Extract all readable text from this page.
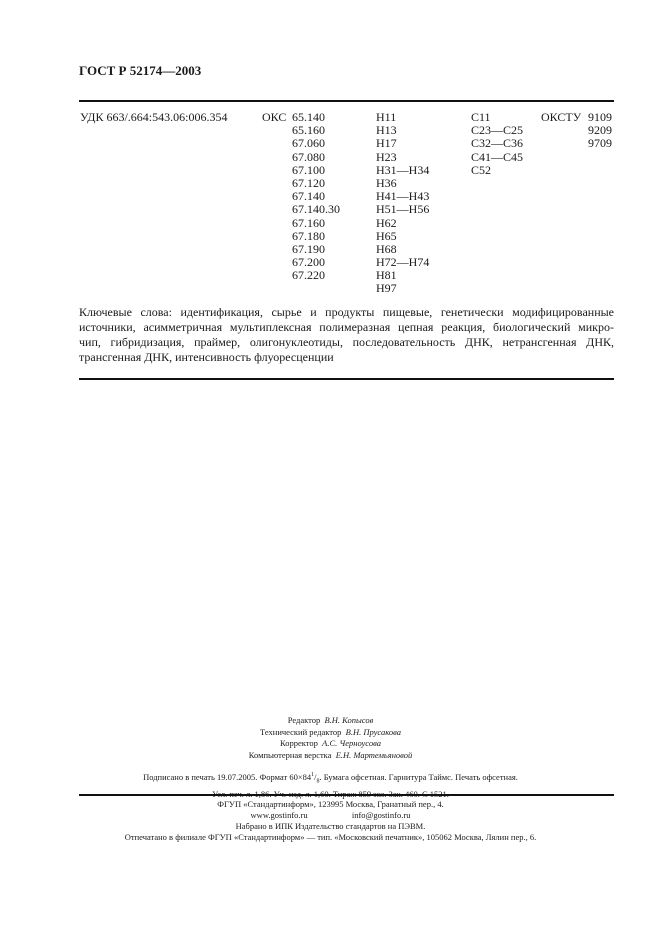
ГОСТ Р 52174—2003
УДК 663/.664:543.06:006.354	ОКС 65.140
65.160
67.060
67.080
67.100
67.120
67.140
67.140.30
67.160
67.180
67.190
67.200
67.220
Н11
Н13
Н17
Н23
Н31—Н34
Н36
Н41—Н43
Н51—Н56
Н62
Н65
Н68
Н72—Н74
Н81
Н97
С11
С23—С25
С32—С36
С41—С45
С52
ОКСТУ 9109
9209
9709
Ключевые слова: идентификация, сырье и продукты пищевые, генетически модифицированные
источники, асимметричная мультиплексная полимеразная цепная реакция, биологический микро-
чип, гибридизация, праймер, олигонуклеотиды, последовательность ДНК, нетрансгенная ДНК,
трансгенная ДНК, интенсивность флуоресценции
Редактор В.Н. Копысов
Технический редактор В.Н. Прусакова
Корректор А.С. Черноусова
Компьютерная верстка Е.Н. Мартемьяновой
Подписано в печать 19.07.2005. Формат $60\times 84^1/_8$. Бумага офсетная. Гарнитура Таймс. Печать офсетная.
Усл. печ. л. 1,86. Уч.-изд. л. 1,60. Тираж 859 экз. Зак. 460. С 1521.
ФГУП «Стандартинформ», 123995 Москва, Гранатный пер., 4.
www.gostinfo.ru	info@gostinfo.ru
Набрано в ИПК Издательство стандартов на ПЭВМ.
Отпечатано в филиале ФГУП «Стандартинформ» — тип. «Московский печатник», 105062 Москва, Лялин пер., 6.
